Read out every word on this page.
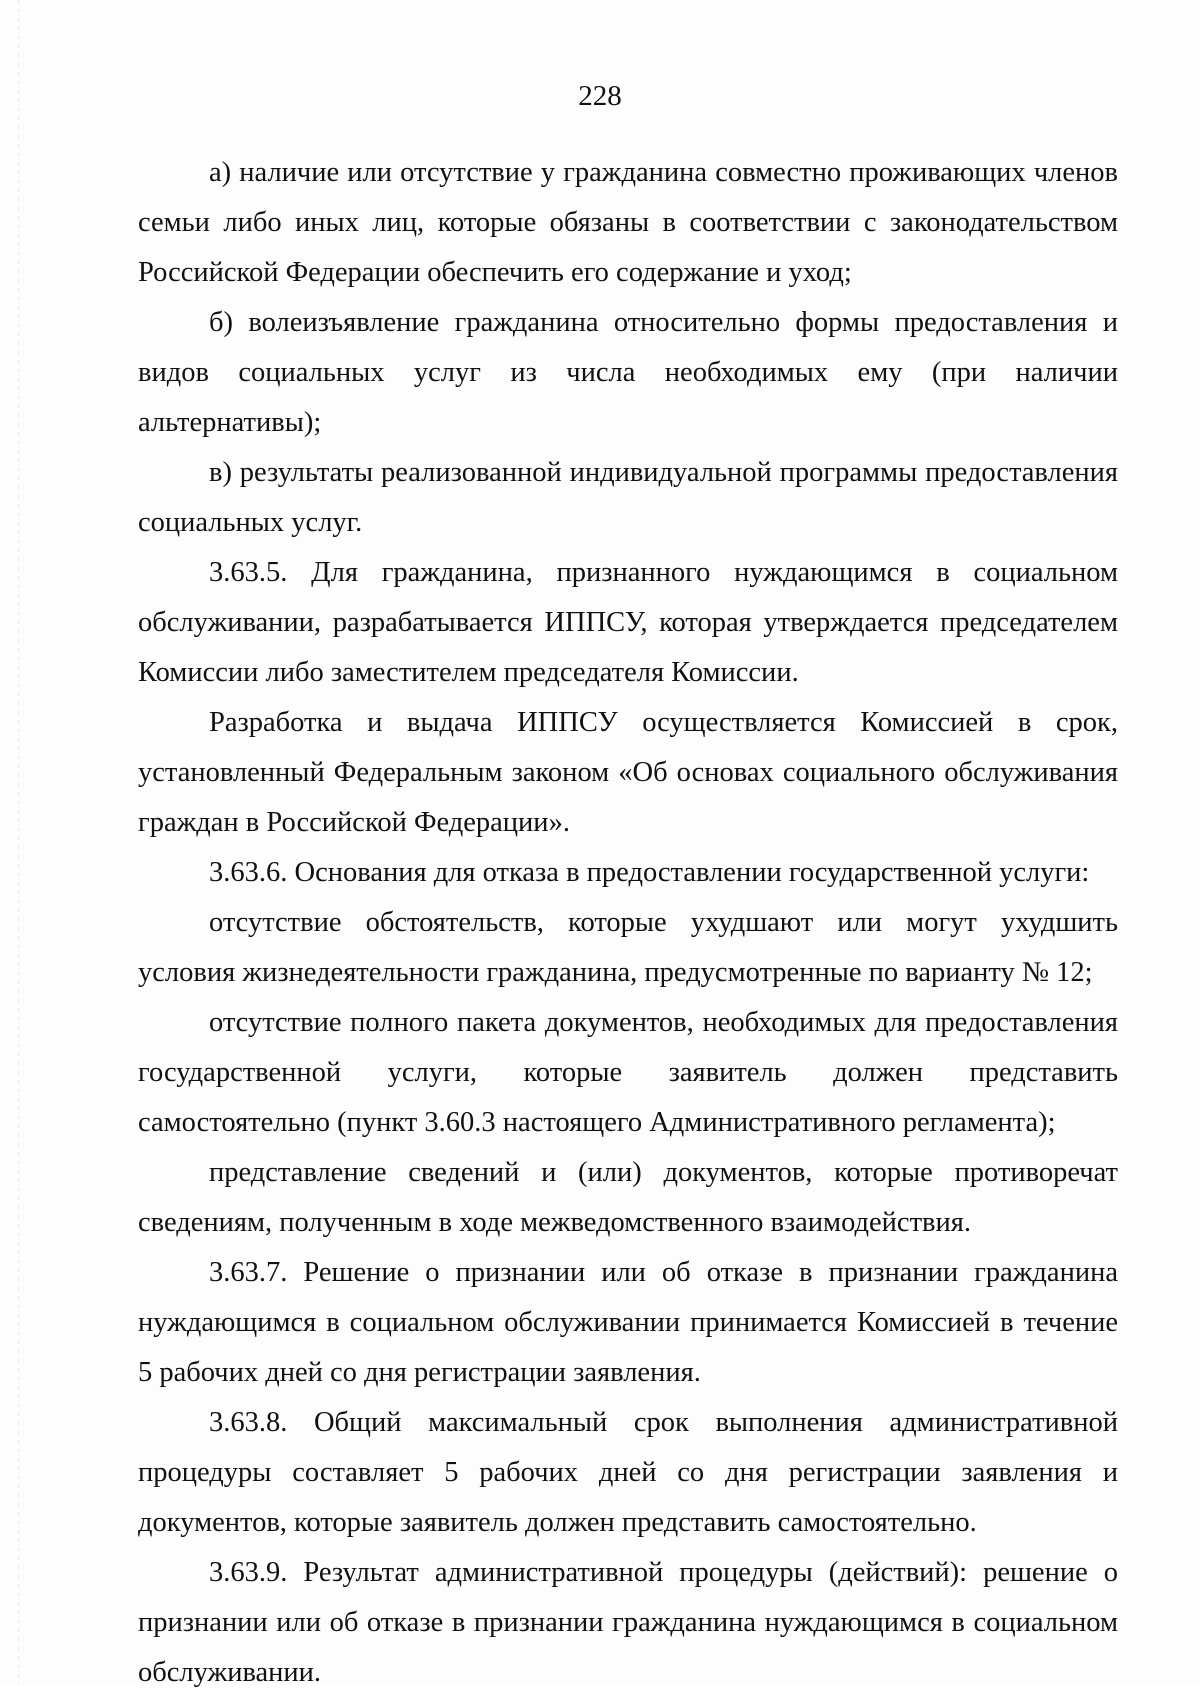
228

а) наличие или отсутствие у гражданина совместно проживающих членов семьи либо иных лиц, которые обязаны в соответствии с законодательством Российской Федерации обеспечить его содержание и уход;

б) волеизъявление гражданина относительно формы предоставления и видов социальных услуг из числа необходимых ему (при наличии альтернативы);

в) результаты реализованной индивидуальной программы предоставления социальных услуг.

3.63.5. Для гражданина, признанного нуждающимся в социальном обслуживании, разрабатывается ИППСУ, которая утверждается председателем Комиссии либо заместителем председателя Комиссии.

Разработка и выдача ИППСУ осуществляется Комиссией в срок, установленный Федеральным законом «Об основах социального обслуживания граждан в Российской Федерации».

3.63.6. Основания для отказа в предоставлении государственной услуги:

отсутствие обстоятельств, которые ухудшают или могут ухудшить условия жизнедеятельности гражданина, предусмотренные по варианту № 12;

отсутствие полного пакета документов, необходимых для предоставления государственной услуги, которые заявитель должен представить самостоятельно (пункт 3.60.3 настоящего Административного регламента);

представление сведений и (или) документов, которые противоречат сведениям, полученным в ходе межведомственного взаимодействия.

3.63.7. Решение о признании или об отказе в признании гражданина нуждающимся в социальном обслуживании принимается Комиссией в течение 5 рабочих дней со дня регистрации заявления.

3.63.8. Общий максимальный срок выполнения административной процедуры составляет 5 рабочих дней со дня регистрации заявления и документов, которые заявитель должен представить самостоятельно.

3.63.9. Результат административной процедуры (действий): решение о признании или об отказе в признании гражданина нуждающимся в социальном обслуживании.
